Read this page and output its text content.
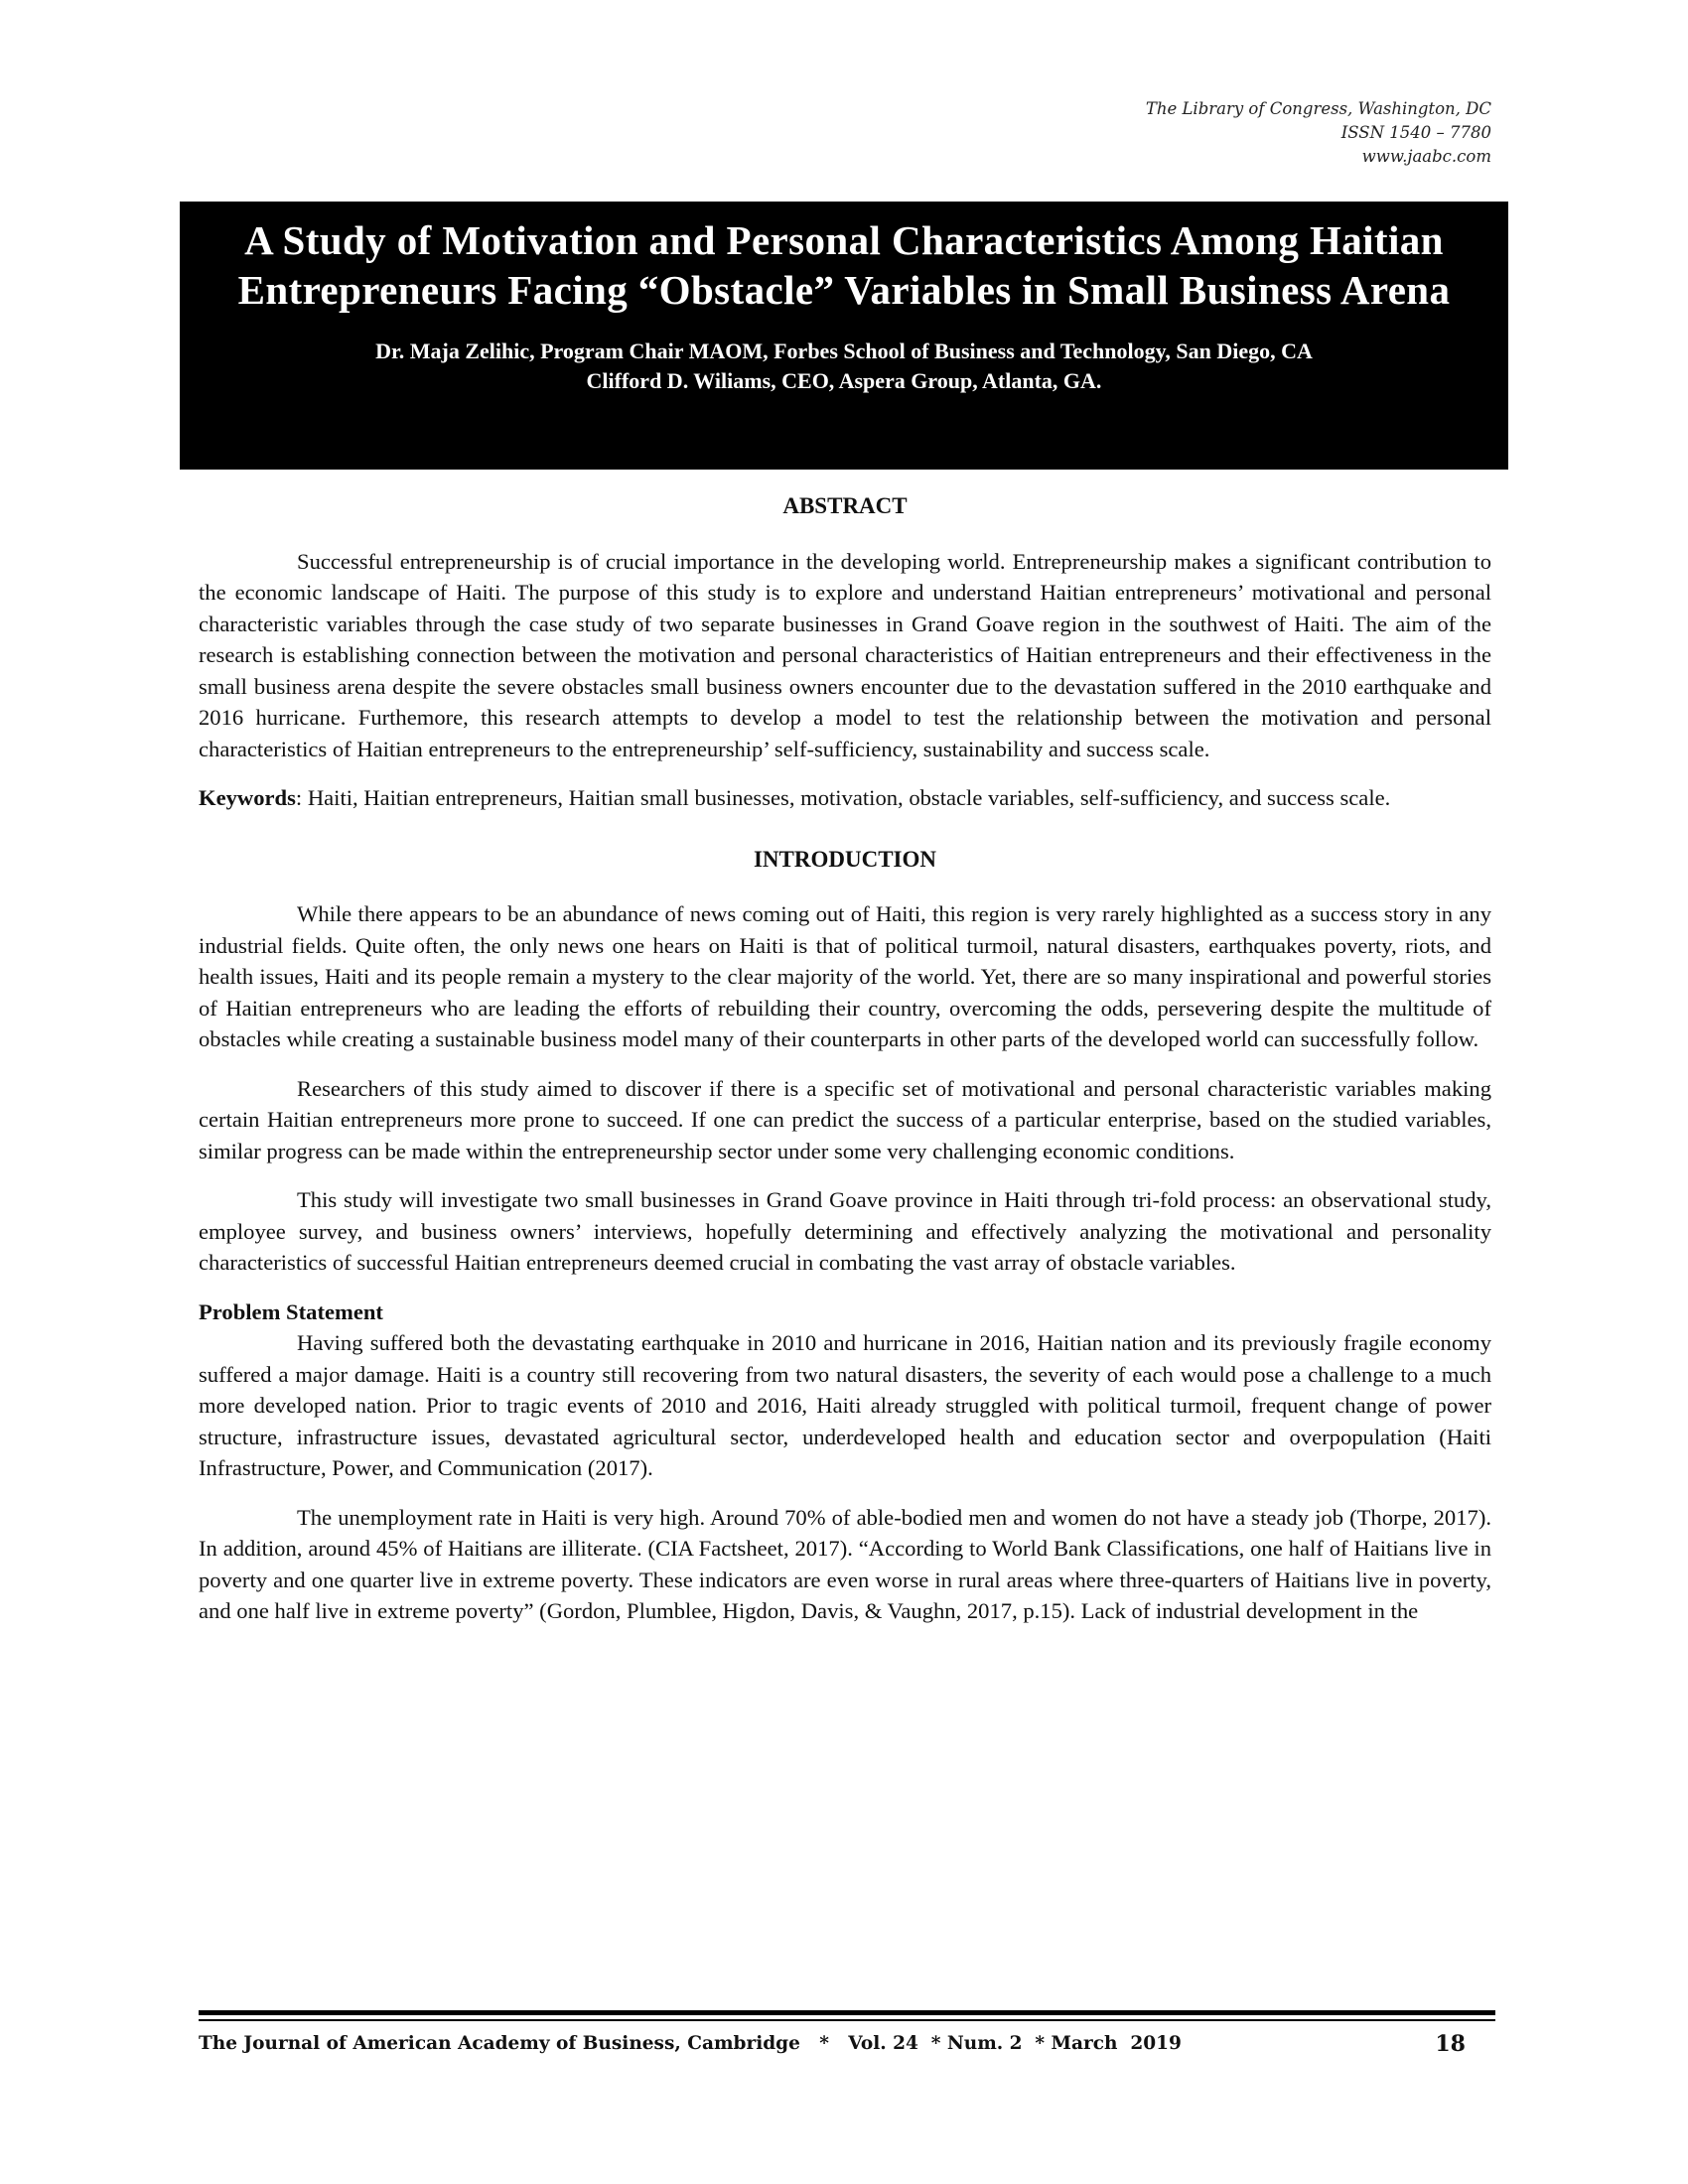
The Library of Congress, Washington, DC
ISSN 1540 – 7780
www.jaabc.com
A Study of Motivation and Personal Characteristics Among Haitian Entrepreneurs Facing “Obstacle” Variables in Small Business Arena
Dr. Maja Zelihic, Program Chair MAOM, Forbes School of Business and Technology, San Diego, CA
Clifford D. Wiliams, CEO, Aspera Group, Atlanta, GA.
ABSTRACT

Successful entrepreneurship is of crucial importance in the developing world. Entrepreneurship makes a significant contribution to the economic landscape of Haiti. The purpose of this study is to explore and understand Haitian entrepreneurs’ motivational and personal characteristic variables through the case study of two separate businesses in Grand Goave region in the southwest of Haiti. The aim of the research is establishing connection between the motivation and personal characteristics of Haitian entrepreneurs and their effectiveness in the small business arena despite the severe obstacles small business owners encounter due to the devastation suffered in the 2010 earthquake and 2016 hurricane. Furthemore, this research attempts to develop a model to test the relationship between the motivation and personal characteristics of Haitian entrepreneurs to the entrepreneurship’ self-sufficiency, sustainability and success scale.

Keywords: Haiti, Haitian entrepreneurs, Haitian small businesses, motivation, obstacle variables, self-sufficiency, and success scale.

INTRODUCTION

While there appears to be an abundance of news coming out of Haiti, this region is very rarely highlighted as a success story in any industrial fields. Quite often, the only news one hears on Haiti is that of political turmoil, natural disasters, earthquakes poverty, riots, and health issues, Haiti and its people remain a mystery to the clear majority of the world. Yet, there are so many inspirational and powerful stories of Haitian entrepreneurs who are leading the efforts of rebuilding their country, overcoming the odds, persevering despite the multitude of obstacles while creating a sustainable business model many of their counterparts in other parts of the developed world can successfully follow.

Researchers of this study aimed to discover if there is a specific set of motivational and personal characteristic variables making certain Haitian entrepreneurs more prone to succeed. If one can predict the success of a particular enterprise, based on the studied variables, similar progress can be made within the entrepreneurship sector under some very challenging economic conditions.

This study will investigate two small businesses in Grand Goave province in Haiti through tri-fold process: an observational study, employee survey, and business owners’ interviews, hopefully determining and effectively analyzing the motivational and personality characteristics of successful Haitian entrepreneurs deemed crucial in combating the vast array of obstacle variables.

Problem Statement

Having suffered both the devastating earthquake in 2010 and hurricane in 2016, Haitian nation and its previously fragile economy suffered a major damage. Haiti is a country still recovering from two natural disasters, the severity of each would pose a challenge to a much more developed nation. Prior to tragic events of 2010 and 2016, Haiti already struggled with political turmoil, frequent change of power structure, infrastructure issues, devastated agricultural sector, underdeveloped health and education sector and overpopulation (Haiti Infrastructure, Power, and Communication (2017).

The unemployment rate in Haiti is very high. Around 70% of able-bodied men and women do not have a steady job (Thorpe, 2017). In addition, around 45% of Haitians are illiterate. (CIA Factsheet, 2017). “According to World Bank Classifications, one half of Haitians live in poverty and one quarter live in extreme poverty. These indicators are even worse in rural areas where three-quarters of Haitians live in poverty, and one half live in extreme poverty” (Gordon, Plumblee, Higdon, Davis, & Vaughn, 2017, p.15). Lack of industrial development in the

The Journal of American Academy of Business, Cambridge   *   Vol. 24  * Num. 2  * March  2019	18
